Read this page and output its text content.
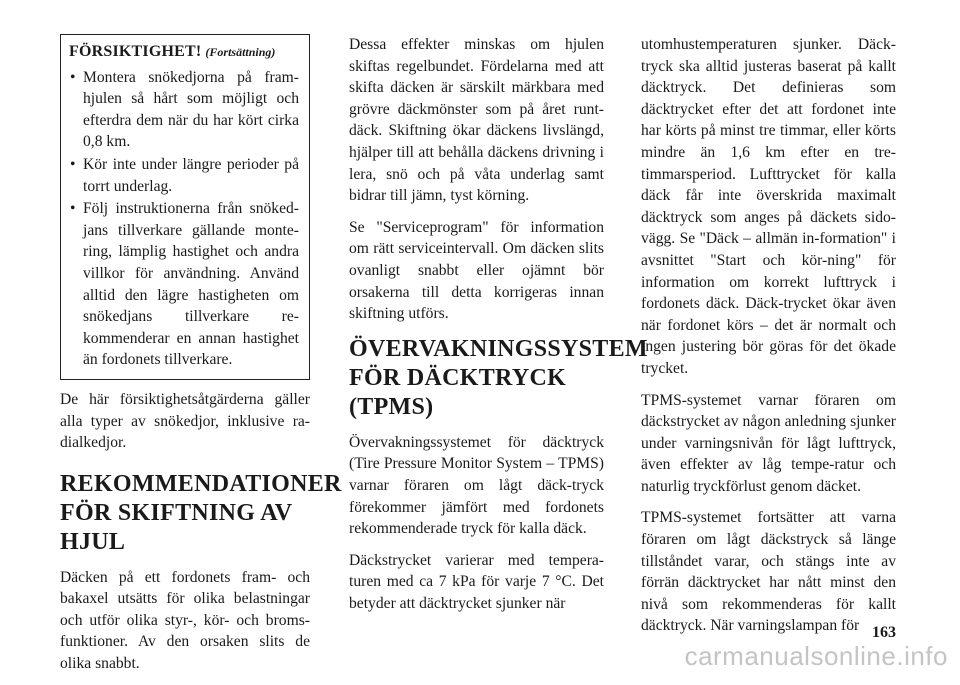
FÖRSIKTIGHET! (Fortsättning)
• Montera snökedjorna på fram-hjulen så hårt som möjligt och efterdra dem när du har kört cirka 0,8 km.
• Kör inte under längre perioder på torrt underlag.
• Följ instruktionerna från snöked-jans tillverkare gällande monte-ring, lämplig hastighet och andra villkor för användning. Använd alltid den lägre hastigheten om snökedjans tillverkare re-kommenderar en annan hastighet än fordonets tillverkare.

De här försiktighetsåtgärderna gäller alla typer av snökedjor, inklusive ra-dialkedjor.

REKOMMENDATIONER FÖR SKIFTNING AV HJUL

Däcken på ett fordonets fram- och bakaxel utsätts för olika belastningar och utför olika styr-, kör- och broms-funktioner. Av den orsaken slits de olika snabbt.

Dessa effekter minskas om hjulen skiftas regelbundet. Fördelarna med att skifta däcken är särskilt märkbara med grövre däckmönster som på året runt-däck. Skiftning ökar däckens livslängd, hjälper till att behålla däckens drivning i lera, snö och på våta underlag samt bidrar till jämn, tyst körning.

Se "Serviceprogram" för information om rätt serviceintervall. Om däcken slits ovanligt snabbt eller ojämnt bör orsakerna till detta korrigeras innan skiftning utförs.

ÖVERVAKNINGSSYSTEM FÖR DÄCKTRYCK (TPMS)

Övervakningssystemet för däcktryck (Tire Pressure Monitor System – TPMS) varnar föraren om lågt däck-tryck förekommer jämfört med fordonets rekommenderade tryck för kalla däck.

Däckstrycket varierar med tempera-turen med ca 7 kPa för varje 7 °C. Det betyder att däcktrycket sjunker när

utomhustemperaturen sjunker. Däck-tryck ska alltid justeras baserat på kallt däcktryck. Det definieras som däcktrycket efter det att fordonet inte har körts på minst tre timmar, eller körts mindre än 1,6 km efter en tre-timmarsperiod. Lufttrycket för kalla däck får inte överskrida maximalt däcktryck som anges på däckets sido-vägg. Se "Däck – allmän in-formation" i avsnittet "Start och kör-ning" för information om korrekt lufttryck i fordonets däck. Däck-trycket ökar även när fordonet körs – det är normalt och ingen justering bör göras för det ökade trycket.

TPMS-systemet varnar föraren om däckstrycket av någon anledning sjunker under varningsnivån för lågt lufttryck, även effekter av låg tempe-ratur och naturlig tryckförlust genom däcket.

TPMS-systemet fortsätter att varna föraren om lågt däckstryck så länge tillståndet varar, och stängs inte av förrän däcktrycket har nått minst den nivå som rekommenderas för kallt däcktryck. När varningslampan för 163
carmanualsonline.info
